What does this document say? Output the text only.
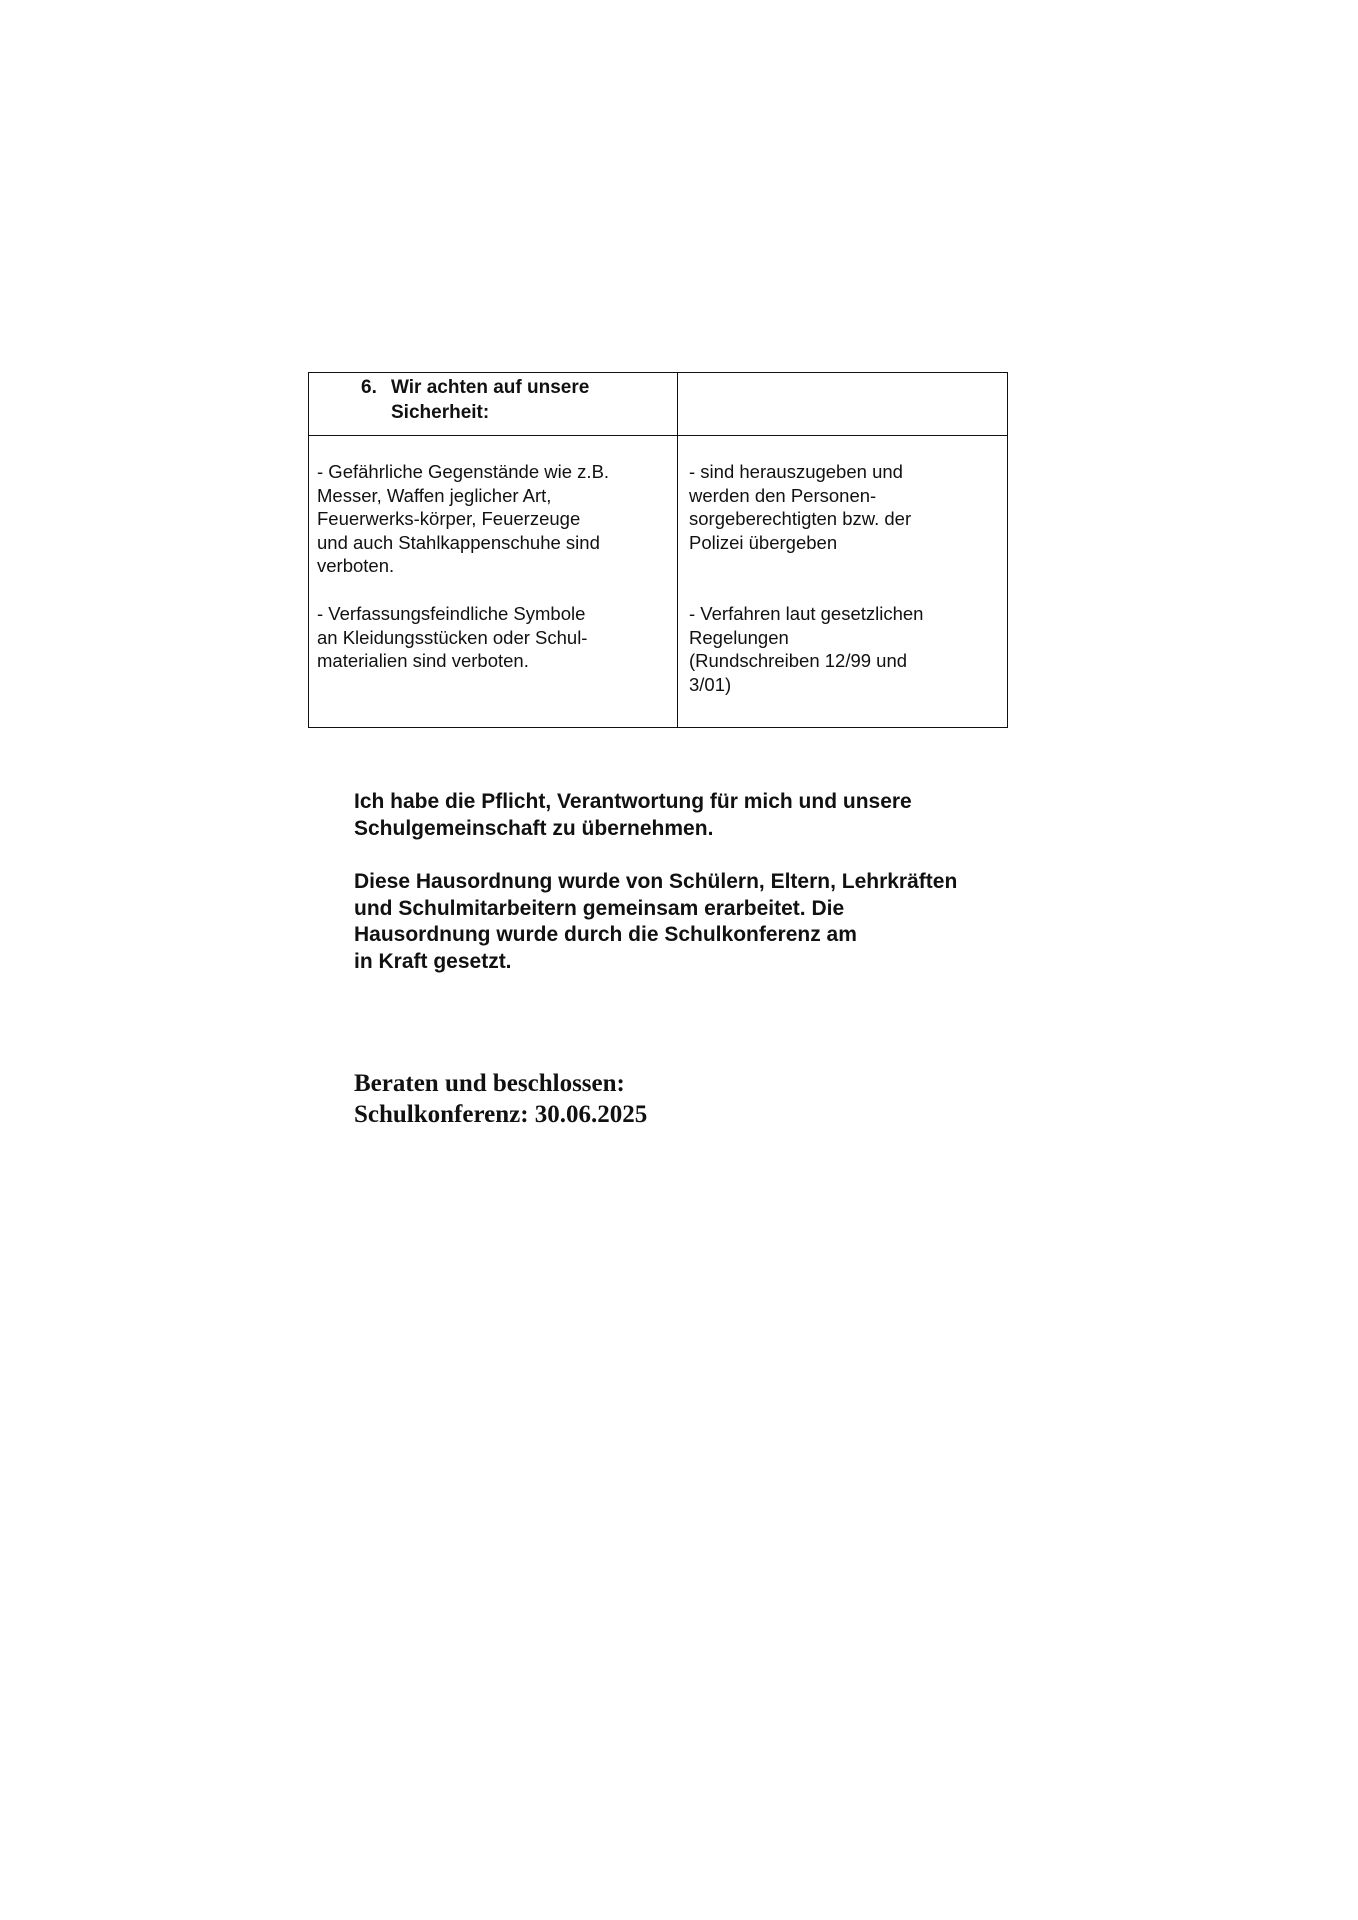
6. Wir achten auf unsere
Sicherheit:
- Gefährliche Gegenstände wie z.B.
Messer, Waffen jeglicher Art,
Feuerwerks-körper, Feuerzeuge
und auch Stahlkappenschuhe sind
verboten.
- sind herauszugeben und
werden den Personen-
sorgeberechtigten bzw. der
Polizei übergeben
- Verfassungsfeindliche Symbole
an Kleidungsstücken oder Schul-
materialien sind verboten.
- Verfahren laut gesetzlichen
Regelungen
(Rundschreiben 12/99 und
3/01)

Ich habe die Pflicht, Verantwortung für mich und unsere
Schulgemeinschaft zu übernehmen.

Diese Hausordnung wurde von Schülern, Eltern, Lehrkräften
und Schulmitarbeitern gemeinsam erarbeitet. Die
Hausordnung wurde durch die Schulkonferenz am
in Kraft gesetzt.

Beraten und beschlossen:
Schulkonferenz: 30.06.2025
